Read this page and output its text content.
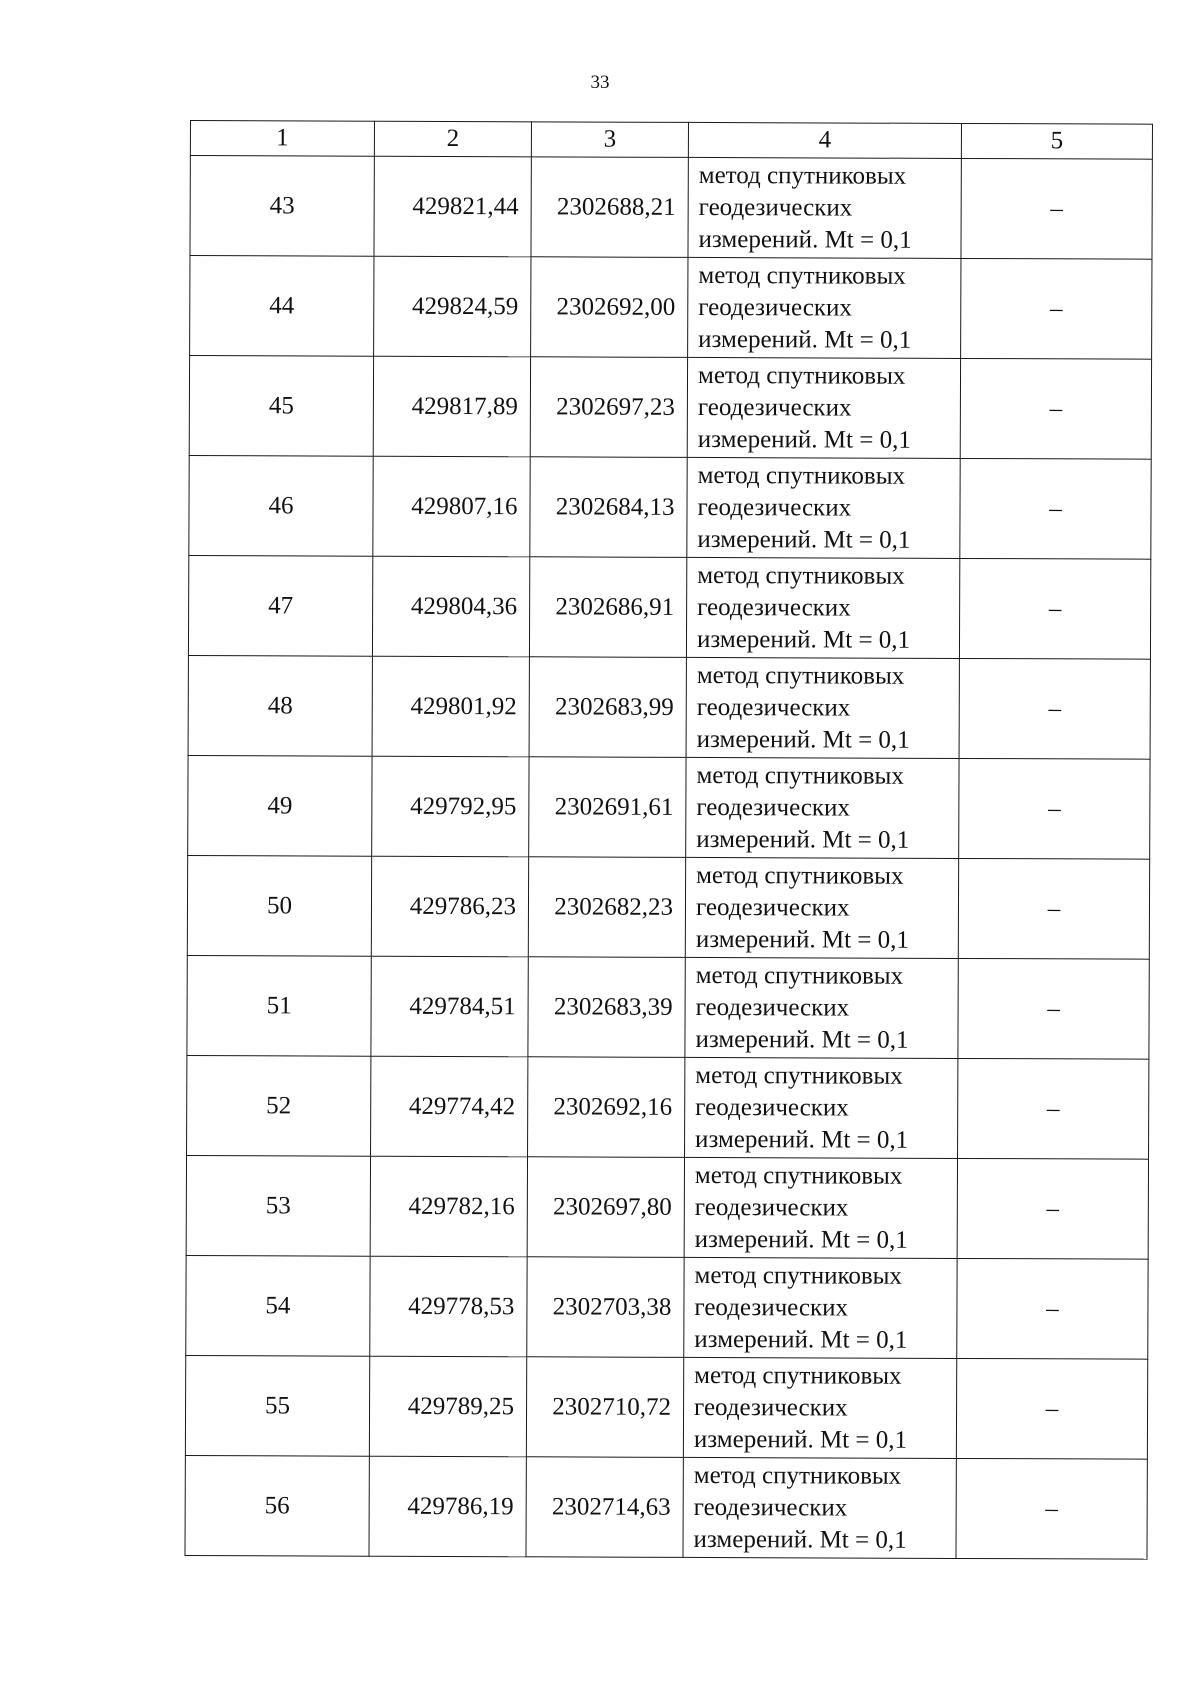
33
1	2	3	4	5
43	429821,44	2302688,21	метод спутниковых
геодезических
измерений. Mt = 0,1	–
44	429824,59	2302692,00	метод спутниковых
геодезических
измерений. Mt = 0,1	–
45	429817,89	2302697,23	метод спутниковых
геодезических
измерений. Mt = 0,1	–
46	429807,16	2302684,13	метод спутниковых
геодезических
измерений. Mt = 0,1	–
47	429804,36	2302686,91	метод спутниковых
геодезических
измерений. Mt = 0,1	–
48	429801,92	2302683,99	метод спутниковых
геодезических
измерений. Mt = 0,1	–
49	429792,95	2302691,61	метод спутниковых
геодезических
измерений. Mt = 0,1	–
50	429786,23	2302682,23	метод спутниковых
геодезических
измерений. Mt = 0,1	–
51	429784,51	2302683,39	метод спутниковых
геодезических
измерений. Mt = 0,1	–
52	429774,42	2302692,16	метод спутниковых
геодезических
измерений. Mt = 0,1	–
53	429782,16	2302697,80	метод спутниковых
геодезических
измерений. Mt = 0,1	–
54	429778,53	2302703,38	метод спутниковых
геодезических
измерений. Mt = 0,1	–
55	429789,25	2302710,72	метод спутниковых
геодезических
измерений. Mt = 0,1	–
56	429786,19	2302714,63	метод спутниковых
геодезических
измерений. Mt = 0,1	–
